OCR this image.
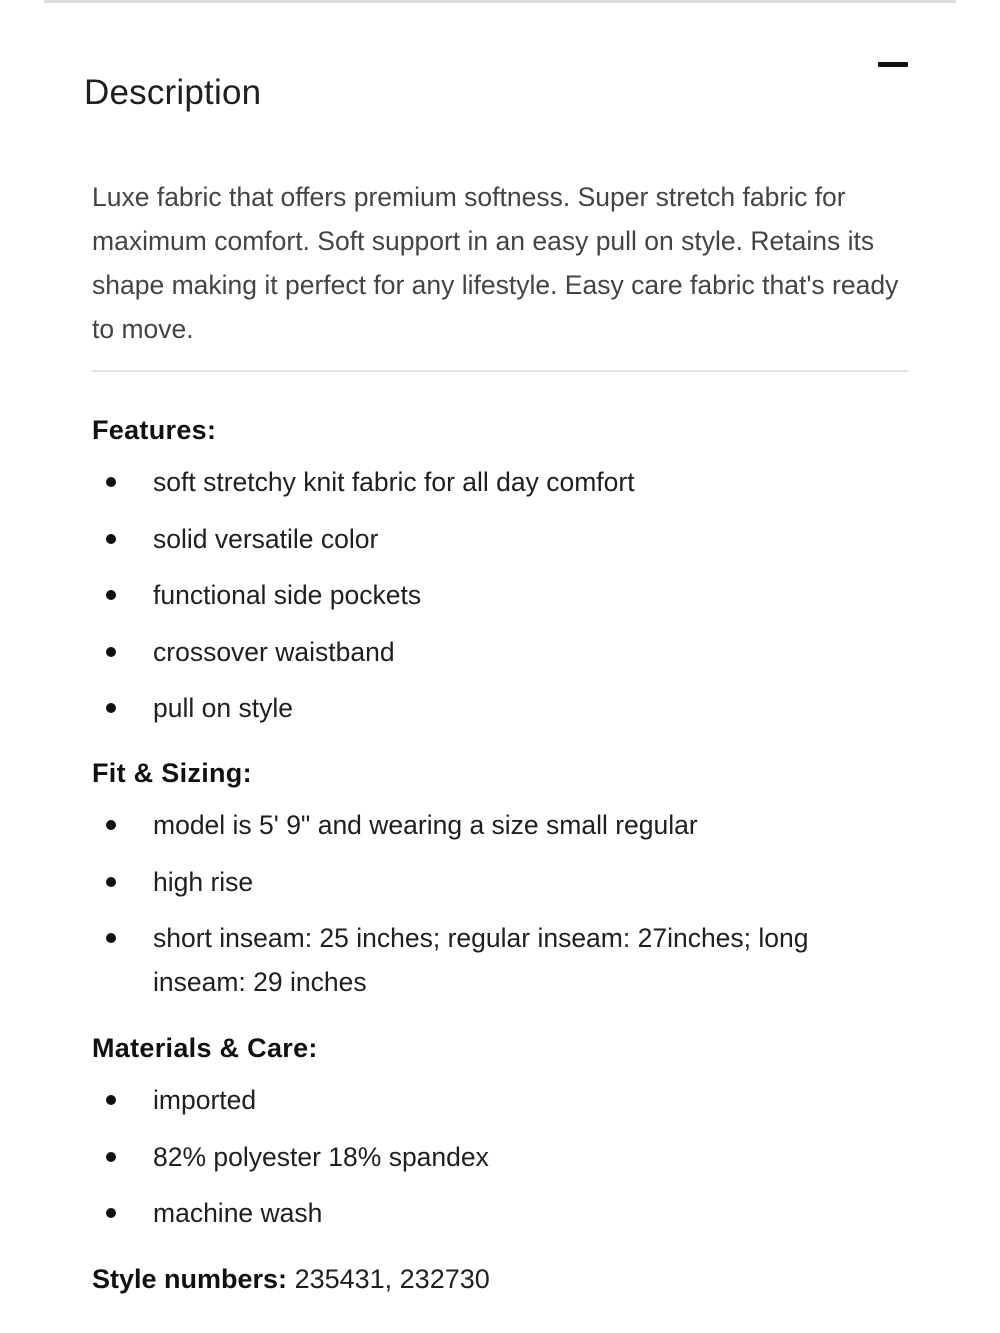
Description

Luxe fabric that offers premium softness. Super stretch fabric for maximum comfort. Soft support in an easy pull on style. Retains its shape making it perfect for any lifestyle. Easy care fabric that's ready to move.

Features:
soft stretchy knit fabric for all day comfort
solid versatile color
functional side pockets
crossover waistband
pull on style
Fit & Sizing:
model is 5' 9" and wearing a size small regular
high rise
short inseam: 25 inches; regular inseam: 27inches; long inseam: 29 inches
Materials & Care:
imported
82% polyester 18% spandex
machine wash

Style numbers: 235431, 232730
